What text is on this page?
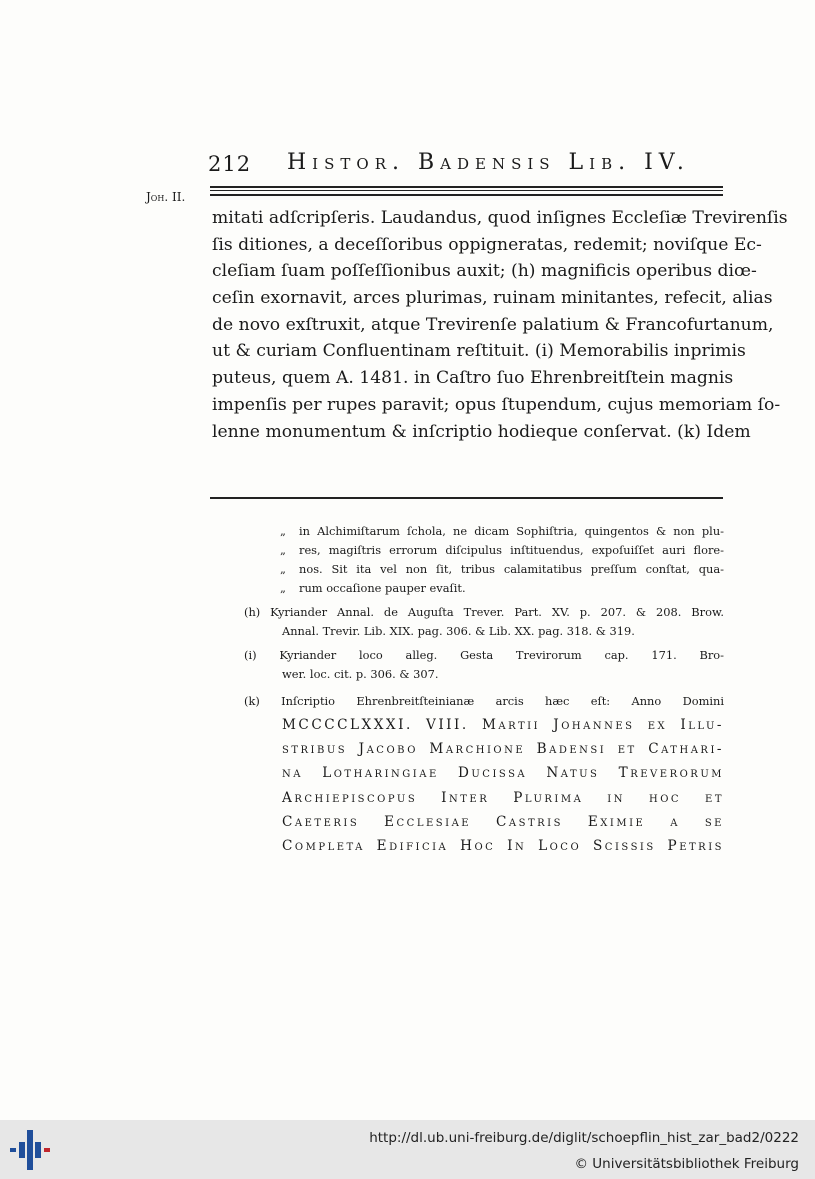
212 Histor. Badensis Lib. IV.
Joh. II.
mitati adſcripſeris. Laudandus, quod inſignes Eccleſiæ Trevirenſis
ſis ditiones, a deceſſoribus oppigneratas, redemit; noviſque Ec-
cleſiam ſuam poſſeſſionibus auxit; (h) magnificis operibus diœ-
ceſin exornavit, arces plurimas, ruinam minitantes, refecit, alias
de novo exſtruxit, atque Trevirenſe palatium & Francofurtanum,
ut & curiam Confluentinam reſtituit. (i) Memorabilis inprimis
puteus, quem A. 1481. in Caſtro ſuo Ehrenbreitſtein magnis
impenſis per rupes paravit; opus ſtupendum, cujus memoriam ſo-
lenne monumentum & inſcriptio hodieque conſervat. (k) Idem
„	in Alchimiſtarum ſchola, ne dicam Sophiſtria, quingentos & non plu-
„	res, magiſtris errorum diſcipulus inſtituendus, expoſuiſſet auri flore-
„	nos. Sit ita vel non ſit, tribus calamitatibus preſſum conſtat, qua-
„	rum occaſione pauper evaſit.
(h) Kyriander Annal. de Auguſta Trever. Part. XV. p. 207. & 208. Brow.
Annal. Trevir. Lib. XIX. pag. 306. & Lib. XX. pag. 318. & 319.
(i) Kyriander loco alleg. Gesta Trevirorum cap. 171. Bro-
wer. loc. cit. p. 306. & 307.
(k) Inſcriptio Ehrenbreitſteinianæ arcis hæc eſt: Anno Domini
MCCCCLXXXI. VIII. Martii Johannes ex Illu-
stribus Jacobo Marchione Badensi et Cathari-
na Lotharingiae Ducissa Natus Treverorum
Archiepiscopus Inter Plurima in hoc et
Caeteris Ecclesiae Castris Eximie a se
Completa Edificia Hoc In Loco Scissis Petris
http://dl.ub.uni-freiburg.de/diglit/schoepflin_hist_zar_bad2/0222
© Universitätsbibliothek Freiburg
